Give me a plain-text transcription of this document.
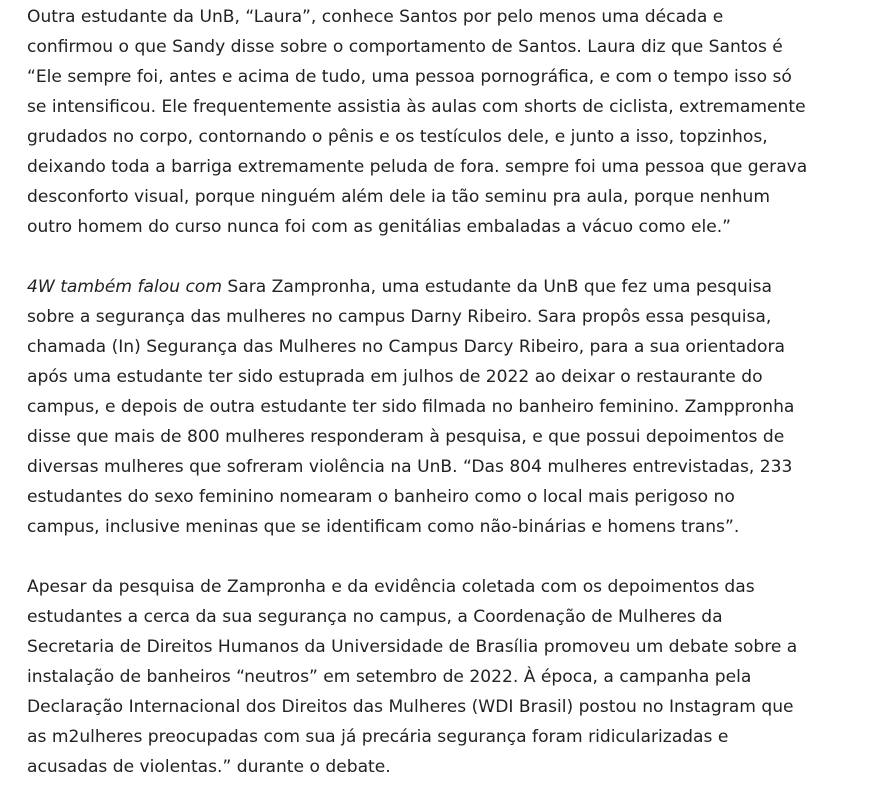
Outra estudante da UnB, “Laura”, conhece Santos por pelo menos uma década e
confirmou o que Sandy disse sobre o comportamento de Santos. Laura diz que Santos é
“Ele sempre foi, antes e acima de tudo, uma pessoa pornográfica, e com o tempo isso só
se intensificou. Ele frequentemente assistia às aulas com shorts de ciclista, extremamente
grudados no corpo, contornando o pênis e os testículos dele, e junto a isso, topzinhos,
deixando toda a barriga extremamente peluda de fora. sempre foi uma pessoa que gerava
desconforto visual, porque ninguém além dele ia tão seminu pra aula, porque nenhum
outro homem do curso nunca foi com as genitálias embaladas a vácuo como ele.”

4W também falou com Sara Zampronha, uma estudante da UnB que fez uma pesquisa
sobre a segurança das mulheres no campus Darny Ribeiro. Sara propôs essa pesquisa,
chamada (In) Segurança das Mulheres no Campus Darcy Ribeiro, para a sua orientadora
após uma estudante ter sido estuprada em julhos de 2022 ao deixar o restaurante do
campus, e depois de outra estudante ter sido filmada no banheiro feminino. Zamppronha
disse que mais de 800 mulheres responderam à pesquisa, e que possui depoimentos de
diversas mulheres que sofreram violência na UnB. “Das 804 mulheres entrevistadas, 233
estudantes do sexo feminino nomearam o banheiro como o local mais perigoso no
campus, inclusive meninas que se identificam como não-binárias e homens trans”.

Apesar da pesquisa de Zampronha e da evidência coletada com os depoimentos das
estudantes a cerca da sua segurança no campus, a Coordenação de Mulheres da
Secretaria de Direitos Humanos da Universidade de Brasília promoveu um debate sobre a
instalação de banheiros “neutros” em setembro de 2022. À época, a campanha pela
Declaração Internacional dos Direitos das Mulheres (WDI Brasil) postou no Instagram que
as m2ulheres preocupadas com sua já precária segurança foram ridicularizadas e
acusadas de violentas.” durante o debate.
